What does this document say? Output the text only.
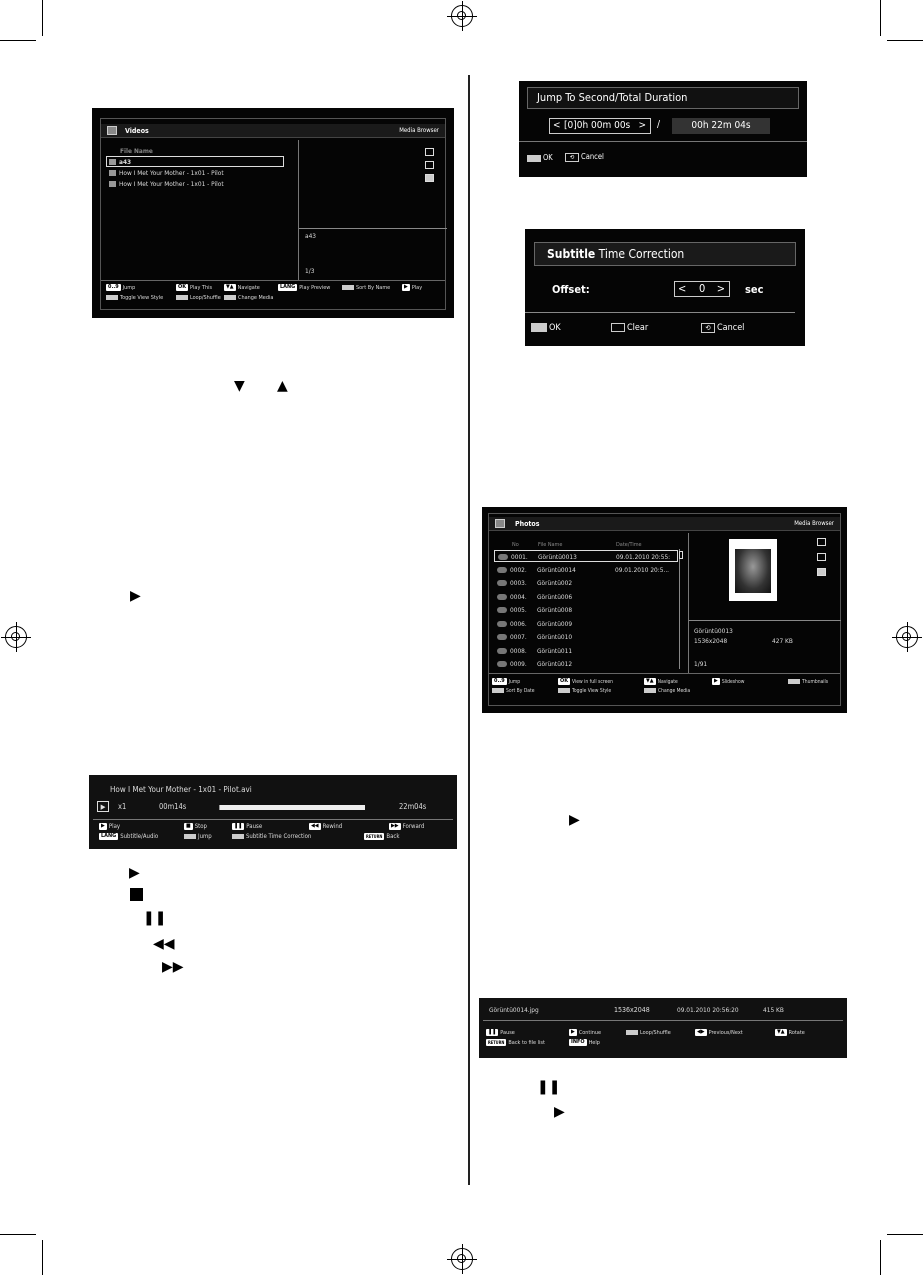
Videos	Media Browser
File Name
a43
How I Met Your Mother - 1x01 - Pilot
How I Met Your Mother - 1x01 - Pilot
a43
1/3
0..9 Jump	OK Play This	▼▲ Navigate	LANG Play Preview	Sort By Name	▶ Play
Toggle View Style	Loop/Shuffle	Change Media
▼ ▲
▶
How I Met Your Mother - 1x01 - Pilot.avi
▶	x1	00m14s	22m04s
▶ Play	■ Stop	❚❚ Pause	◀◀ Rewind	▶▶ Forward
LANG Subtitle/Audio	Jump	Subtitle Time Correction	RETURN Back
▶
❚❚
◀◀
▶▶
Jump To Second/Total Duration
< [0]0h 00m 00s > /	00h 22m 04s
OK	⟲ Cancel
Subtitle Time Correction
Offset:	< 0 > sec
OK	Clear	⟲ Cancel
Photos	Media Browser
No	File Name	Date/Time
0001. Görüntü0013	09.01.2010 20:55:
0002. Görüntü0014	09.01.2010 20:5...
0003. Görüntü002
0004. Görüntü006
0005. Görüntü008
0006. Görüntü009
0007. Görüntü010
0008. Görüntü011
0009. Görüntü012
Görüntü0013
1536x2048	427 KB
1/91
0..9 Jump	OK View in full screen	▼▲ Navigate	▶ Slideshow	Thumbnails
Sort By Date	Toggle View Style	Change Media
▶
Görüntü0014.jpg	1536x2048	09.01.2010 20:56:20	415 KB
❚❚ Pause	▶ Continue	Loop/Shuffle	◀▶ Previous/Next	▼▲ Rotate
RETURN Back to file list	INFO Help
❚❚
▶
